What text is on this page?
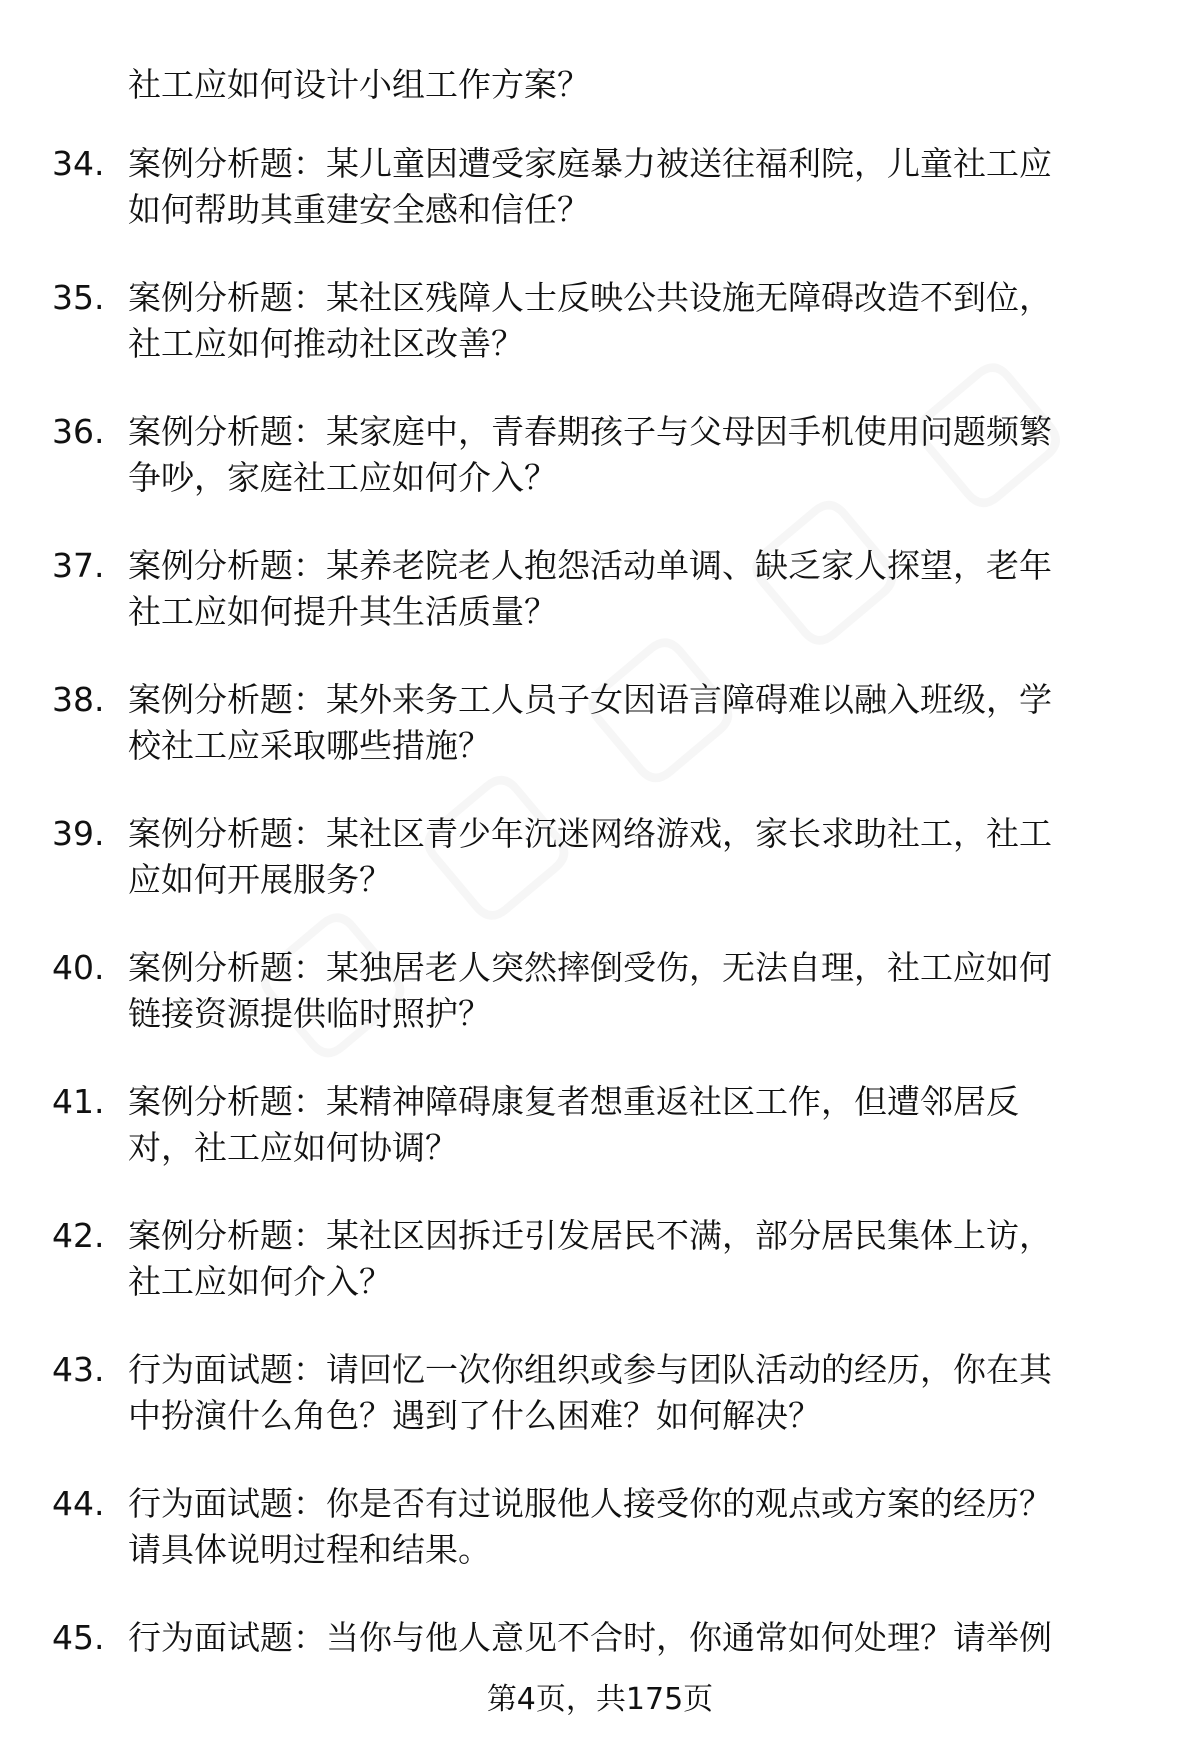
社工应如何设计小组工作方案？
34. 案例分析题：某儿童因遭受家庭暴力被送往福利院，儿童社工应
如何帮助其重建安全感和信任？
35. 案例分析题：某社区残障人士反映公共设施无障碍改造不到位，
社工应如何推动社区改善？
36. 案例分析题：某家庭中，青春期孩子与父母因手机使用问题频繁
争吵，家庭社工应如何介入？
37. 案例分析题：某养老院老人抱怨活动单调、缺乏家人探望，老年
社工应如何提升其生活质量？
38. 案例分析题：某外来务工人员子女因语言障碍难以融入班级，学
校社工应采取哪些措施？
39. 案例分析题：某社区青少年沉迷网络游戏，家长求助社工，社工
应如何开展服务？
40. 案例分析题：某独居老人突然摔倒受伤，无法自理，社工应如何
链接资源提供临时照护？
41. 案例分析题：某精神障碍康复者想重返社区工作，但遭邻居反
对，社工应如何协调？
42. 案例分析题：某社区因拆迁引发居民不满，部分居民集体上访，
社工应如何介入？
43. 行为面试题：请回忆一次你组织或参与团队活动的经历，你在其
中扮演什么角色？遇到了什么困难？如何解决？
44. 行为面试题：你是否有过说服他人接受你的观点或方案的经历？
请具体说明过程和结果。
45. 行为面试题：当你与他人意见不合时，你通常如何处理？请举例
第4页，共175页
